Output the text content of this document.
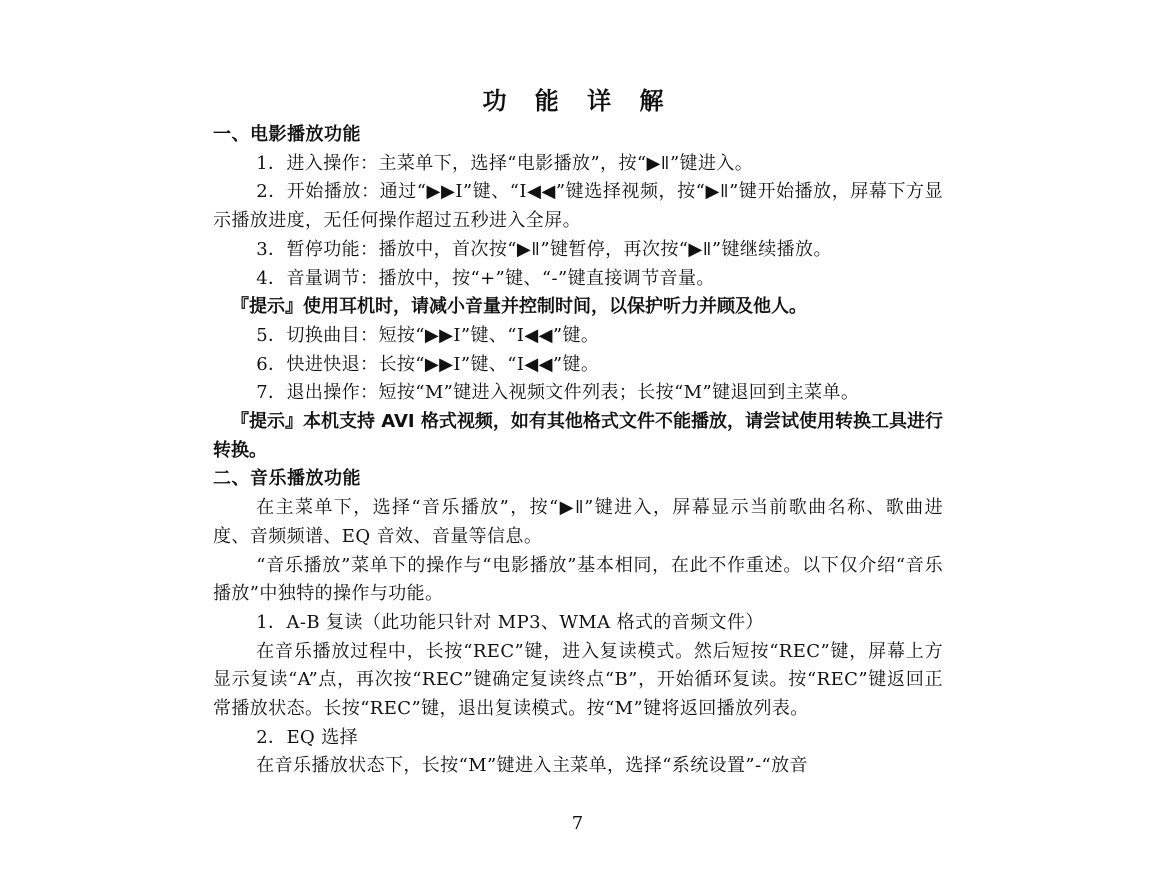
功 能 详 解
一、电影播放功能

1．进入操作：主菜单下，选择“电影播放”，按“▶ǁ”键进入。

2．开始播放：通过“▶▶I”键、“I◀◀”键选择视频，按“▶ǁ”键开始播放，屏幕下方显示播放进度，无任何操作超过五秒进入全屏。

3．暂停功能：播放中，首次按“▶ǁ”键暂停，再次按“▶ǁ”键继续播放。

4．音量调节：播放中，按“+”键、“-”键直接调节音量。

『提示』使用耳机时，请减小音量并控制时间，以保护听力并顾及他人。

5．切换曲目：短按“▶▶I”键、“I◀◀”键。

6．快进快退：长按“▶▶I”键、“I◀◀”键。

7．退出操作：短按“M”键进入视频文件列表；长按“M”键退回到主菜单。

『提示』本机支持 AVI 格式视频，如有其他格式文件不能播放，请尝试使用转换工具进行转换。

二、音乐播放功能

在主菜单下，选择“音乐播放”，按“▶ǁ”键进入，屏幕显示当前歌曲名称、歌曲进度、音频频谱、EQ 音效、音量等信息。

“音乐播放”菜单下的操作与“电影播放”基本相同，在此不作重述。以下仅介绍“音乐播放”中独特的操作与功能。

1．A-B 复读（此功能只针对 MP3、WMA 格式的音频文件）

在音乐播放过程中，长按“REC”键，进入复读模式。然后短按“REC”键，屏幕上方显示复读“A”点，再次按“REC”键确定复读终点“B”，开始循环复读。按“REC”键返回正常播放状态。长按“REC”键，退出复读模式。按“M”键将返回播放列表。

2．EQ 选择

在音乐播放状态下，长按“M”键进入主菜单，选择“系统设置”-“放音

7
